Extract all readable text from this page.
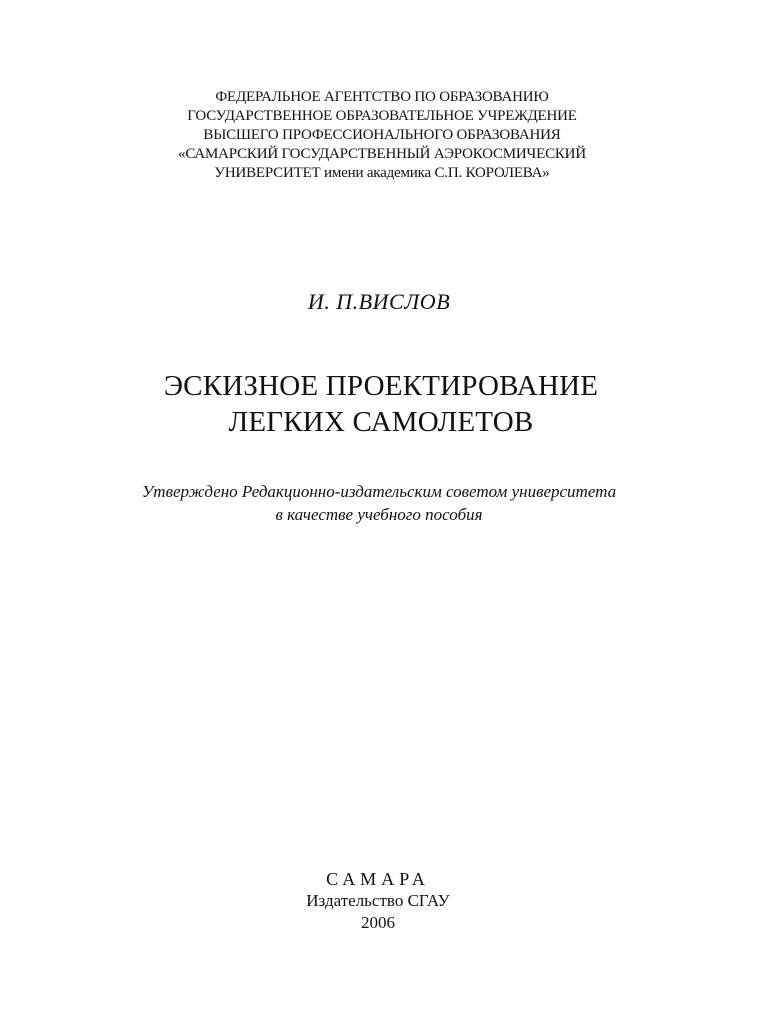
ФЕДЕРАЛЬНОЕ АГЕНТСТВО ПО ОБРАЗОВАНИЮ
ГОСУДАРСТВЕННОЕ ОБРАЗОВАТЕЛЬНОЕ УЧРЕЖДЕНИЕ
ВЫСШЕГО ПРОФЕССИОНАЛЬНОГО ОБРАЗОВАНИЯ
«САМАРСКИЙ ГОСУДАРСТВЕННЫЙ АЭРОКОСМИЧЕСКИЙ
УНИВЕРСИТЕТ имени академика С.П. КОРОЛЕВА»
И. П.ВИСЛОВ
ЭСКИЗНОЕ ПРОЕКТИРОВАНИЕ
ЛЕГКИХ САМОЛЕТОВ
Утверждено Редакционно-издательским советом университета
в качестве учебного пособия
САМАРА
Издательство СГАУ
2006
